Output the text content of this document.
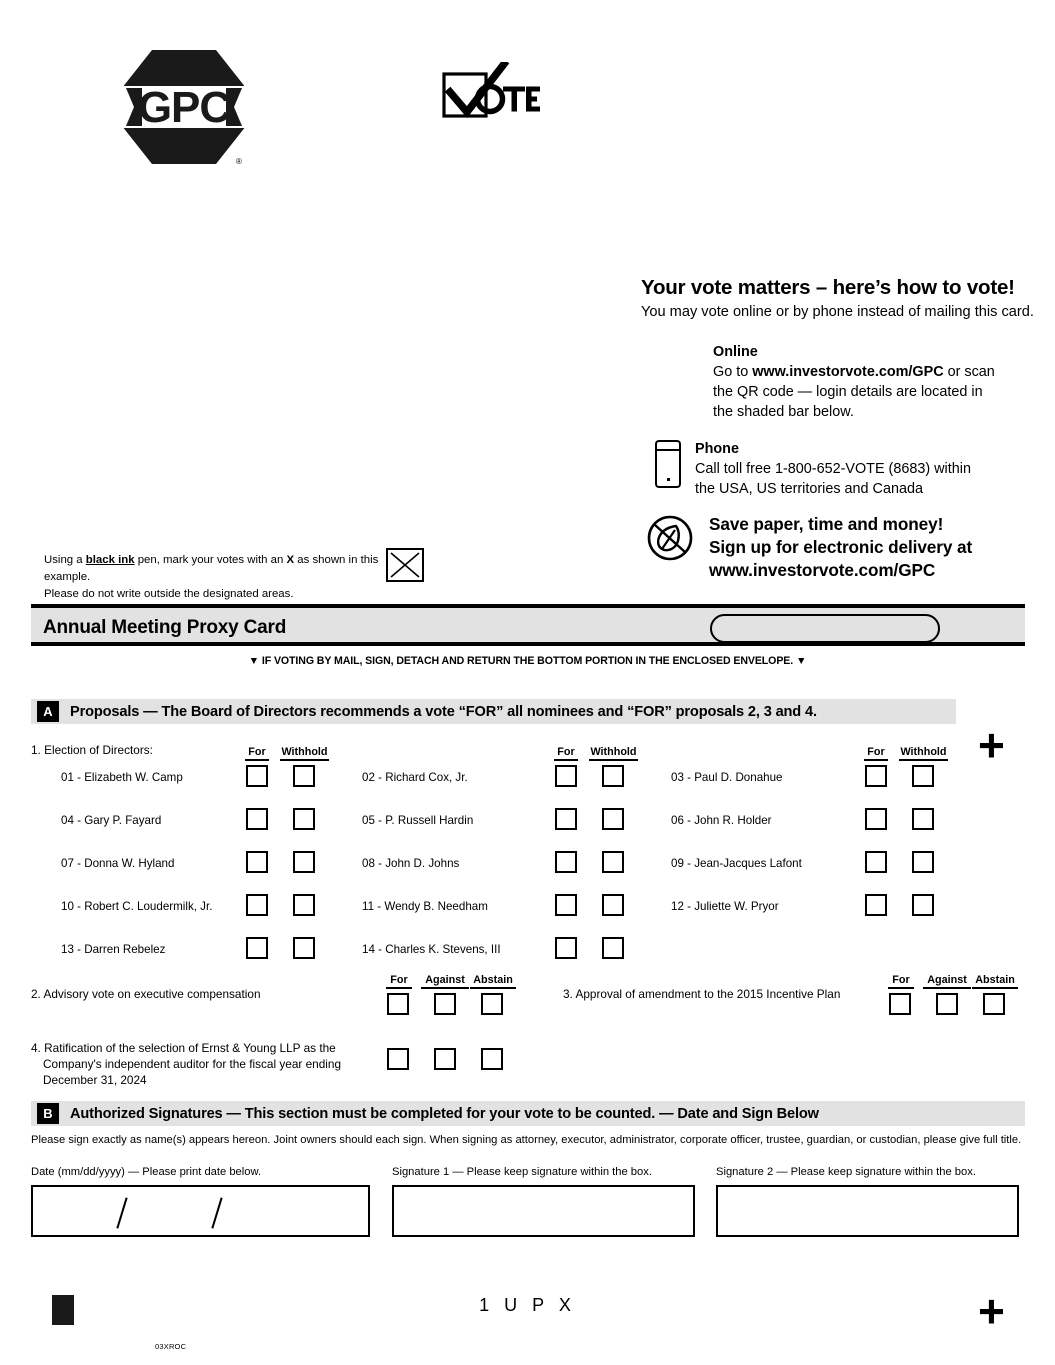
GPC
®
Your vote matters – here’s how to vote!

You may vote online or by phone instead of mailing this card.

Online
Go to www.investorvote.com/GPC or scan
the QR code — login details are located in
the shaded bar below.
Phone
Call toll free 1-800-652-VOTE (8683) within
the USA, US territories and Canada
Save paper, time and money!
Sign up for electronic delivery at
www.investorvote.com/GPC
Using a black ink pen, mark your votes with an X as shown in this example.
Please do not write outside the designated areas.
Annual Meeting Proxy Card
▼ IF VOTING BY MAIL, SIGN, DETACH AND RETURN THE BOTTOM PORTION IN THE ENCLOSED ENVELOPE. ▼
A	Proposals — The Board of Directors recommends a vote “FOR” all nominees and “FOR” proposals 2, 3 and 4.
1. Election of Directors:	For	Withhold	For	Withhold	For	Withhold
01 - Elizabeth W. Camp	02 - Richard Cox, Jr.	03 - Paul D. Donahue
04 - Gary P. Fayard	05 - P. Russell Hardin	06 - John R. Holder
07 - Donna W. Hyland	08 - John D. Johns	09 - Jean-Jacques Lafont
10 - Robert C. Loudermilk, Jr.	11 - Wendy B. Needham	12 - Juliette W. Pryor
13 - Darren Rebelez	14 - Charles K. Stevens, III
For	Against Abstain
2. Advisory vote on executive compensation
For	Against Abstain
3. Approval of amendment to the 2015 Incentive Plan
4. Ratification of the selection of Ernst & Young LLP as the
Company's independent auditor for the fiscal year ending
December 31, 2024
B	Authorized Signatures — This section must be completed for your vote to be counted. — Date and Sign Below
Please sign exactly as name(s) appears hereon. Joint owners should each sign. When signing as attorney, executor, administrator, corporate officer, trustee, guardian, or custodian, please give full title.
Date (mm/dd/yyyy) — Please print date below.	Signature 1 — Please keep signature within the box.	Signature 2 — Please keep signature within the box.
1 U P X
03XROC
+
+
